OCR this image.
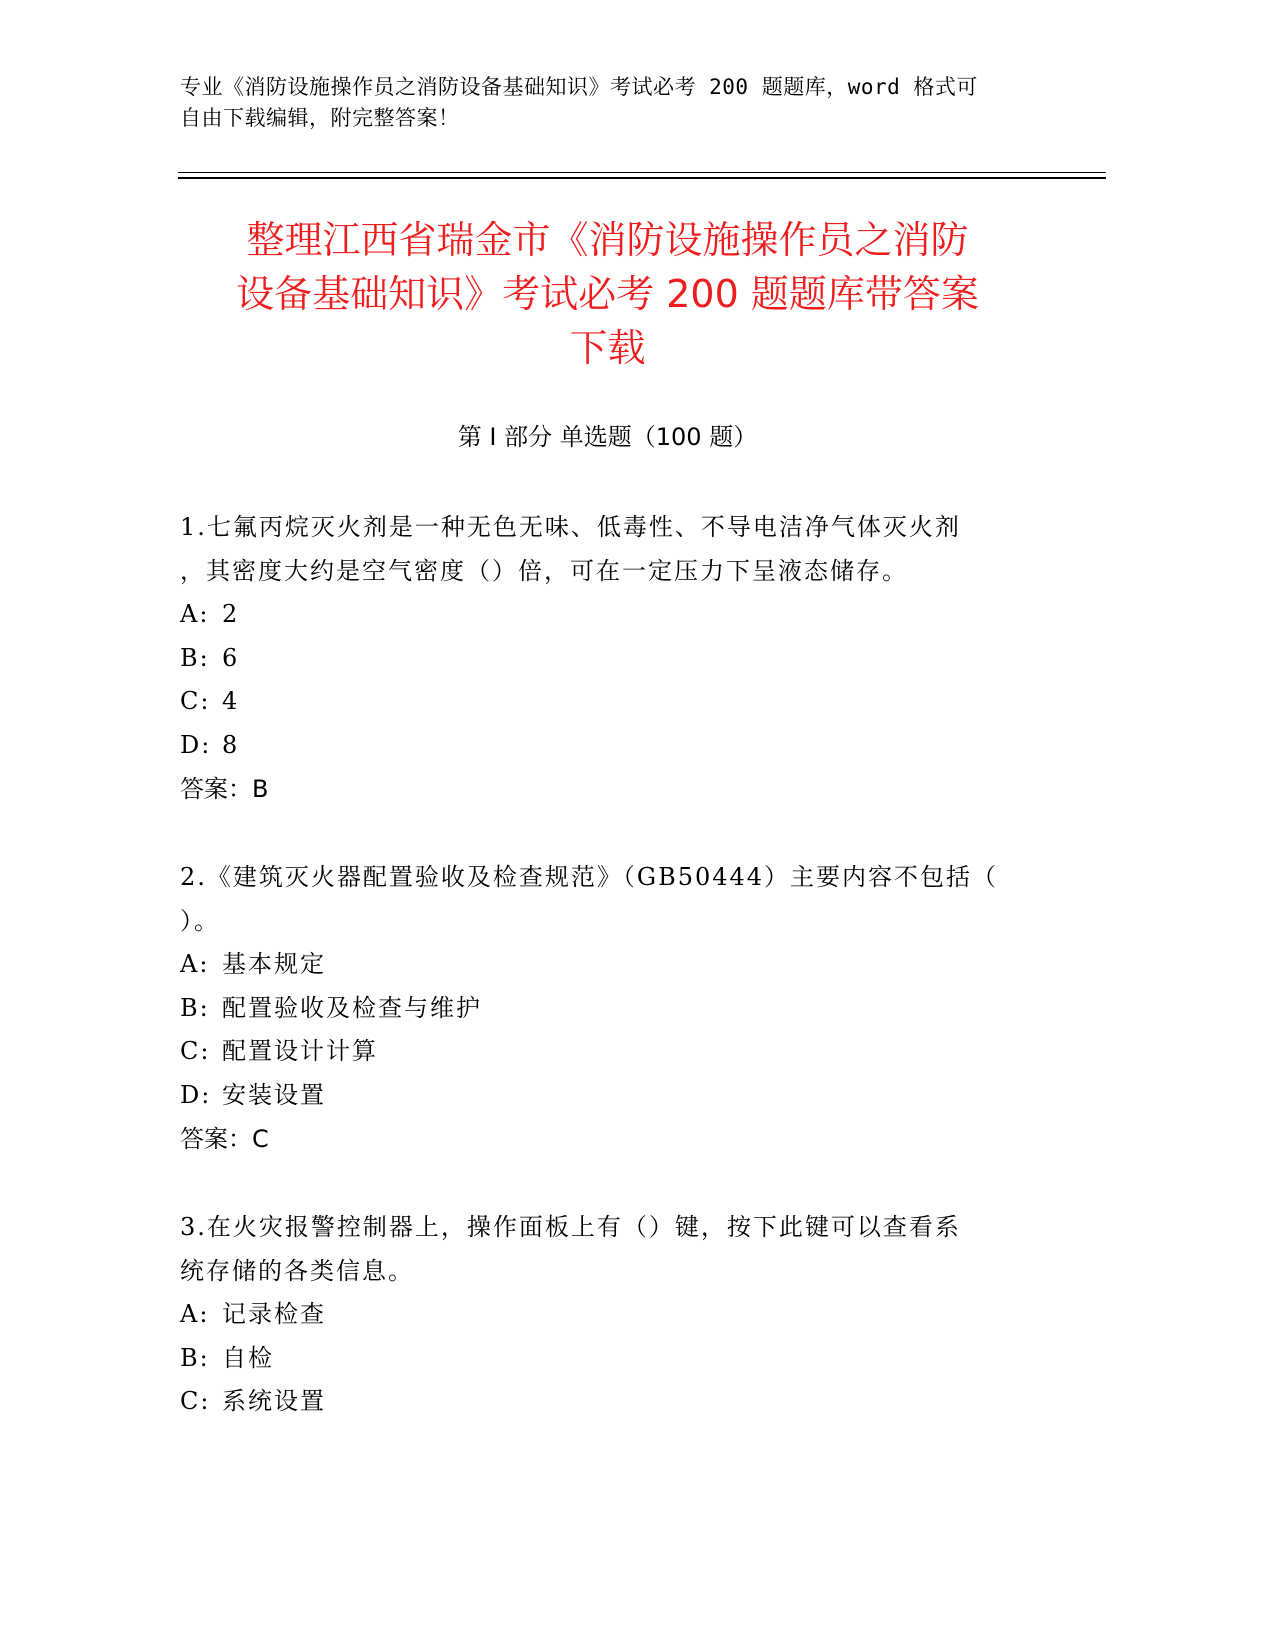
专业《消防设施操作员之消防设备基础知识》考试必考 200 题题库，word 格式可
自由下载编辑，附完整答案！
整理江西省瑞金市《消防设施操作员之消防
设备基础知识》考试必考 200 题题库带答案
下载
第 I 部分 单选题（100 题）
1.七氟丙烷灭火剂是一种无色无味、低毒性、不导电洁净气体灭火剂
，其密度大约是空气密度（）倍，可在一定压力下呈液态储存。
A: 2
B: 6
C: 4
D: 8
答案：B
2.《建筑灭火器配置验收及检查规范》（GB50444）主要内容不包括（
）。
A: 基本规定
B: 配置验收及检查与维护
C: 配置设计计算
D: 安装设置
答案：C
3.在火灾报警控制器上，操作面板上有（）键，按下此键可以查看系
统存储的各类信息。
A: 记录检查
B: 自检
C: 系统设置
